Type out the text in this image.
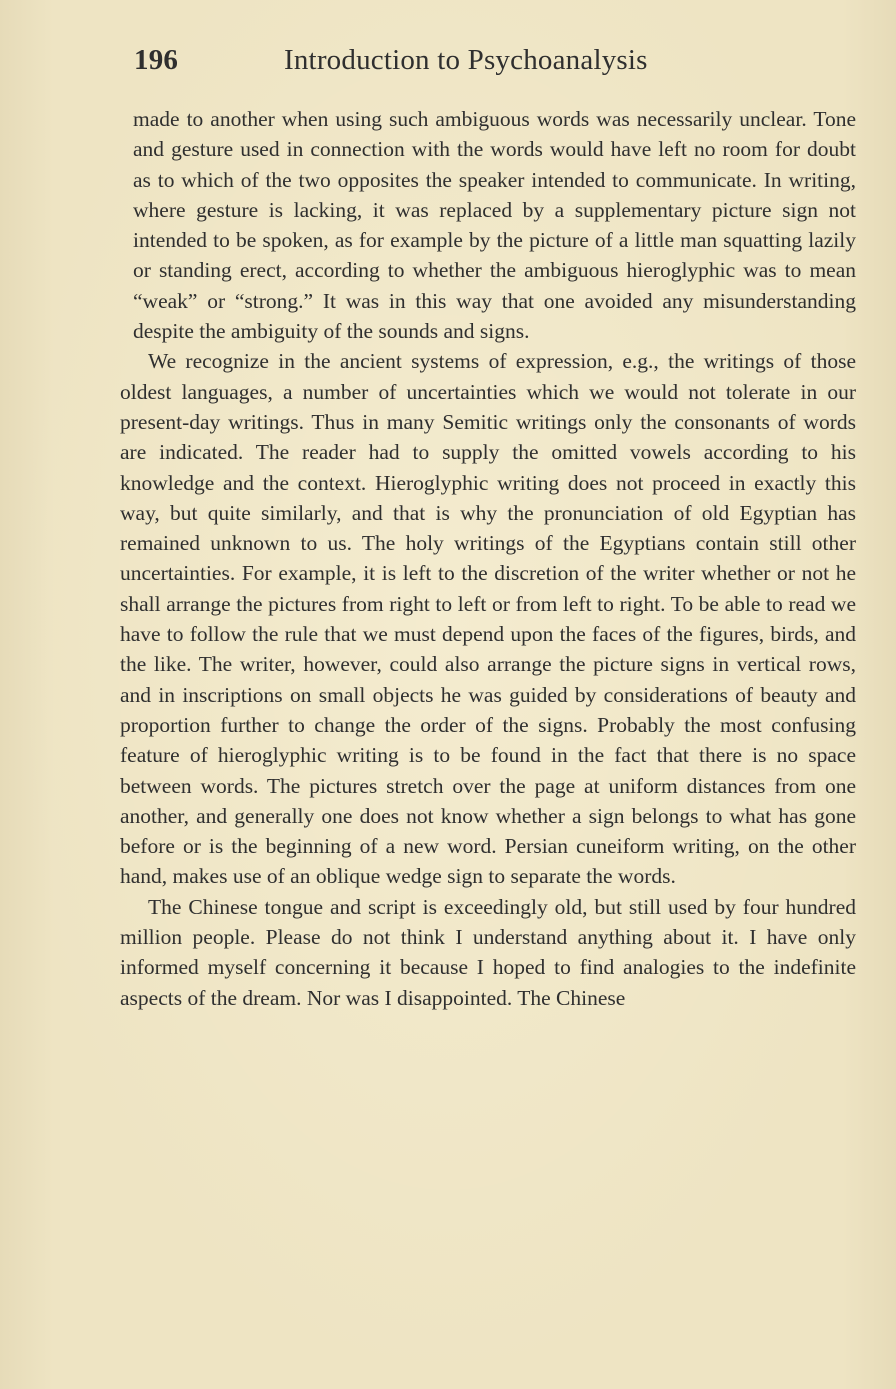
196	Introduction to Psychoanalysis

made to another when using such ambiguous words was necessarily unclear. Tone and gesture used in connection with the words would have left no room for doubt as to which of the two opposites the speaker intended to communicate. In writing, where gesture is lacking, it was replaced by a supplementary picture sign not intended to be spoken, as for example by the picture of a little man squatting lazily or standing erect, according to whether the ambiguous hieroglyphic was to mean “weak” or “strong.” It was in this way that one avoided any misunderstanding despite the ambiguity of the sounds and signs.

We recognize in the ancient systems of expression, e.g., the writings of those oldest languages, a number of uncertainties which we would not tolerate in our present-day writings. Thus in many Semitic writings only the consonants of words are indicated. The reader had to supply the omitted vowels according to his knowledge and the context. Hieroglyphic writing does not proceed in exactly this way, but quite similarly, and that is why the pronunciation of old Egyptian has remained unknown to us. The holy writings of the Egyptians contain still other uncertainties. For example, it is left to the discretion of the writer whether or not he shall arrange the pictures from right to left or from left to right. To be able to read we have to follow the rule that we must depend upon the faces of the figures, birds, and the like. The writer, however, could also arrange the picture signs in vertical rows, and in inscriptions on small objects he was guided by considerations of beauty and proportion further to change the order of the signs. Probably the most confusing feature of hieroglyphic writing is to be found in the fact that there is no space between words. The pictures stretch over the page at uniform distances from one another, and generally one does not know whether a sign belongs to what has gone before or is the beginning of a new word. Persian cuneiform writing, on the other hand, makes use of an oblique wedge sign to separate the words.

The Chinese tongue and script is exceedingly old, but still used by four hundred million people. Please do not think I understand anything about it. I have only informed myself concerning it because I hoped to find analogies to the indefinite aspects of the dream. Nor was I disappointed. The Chinese
